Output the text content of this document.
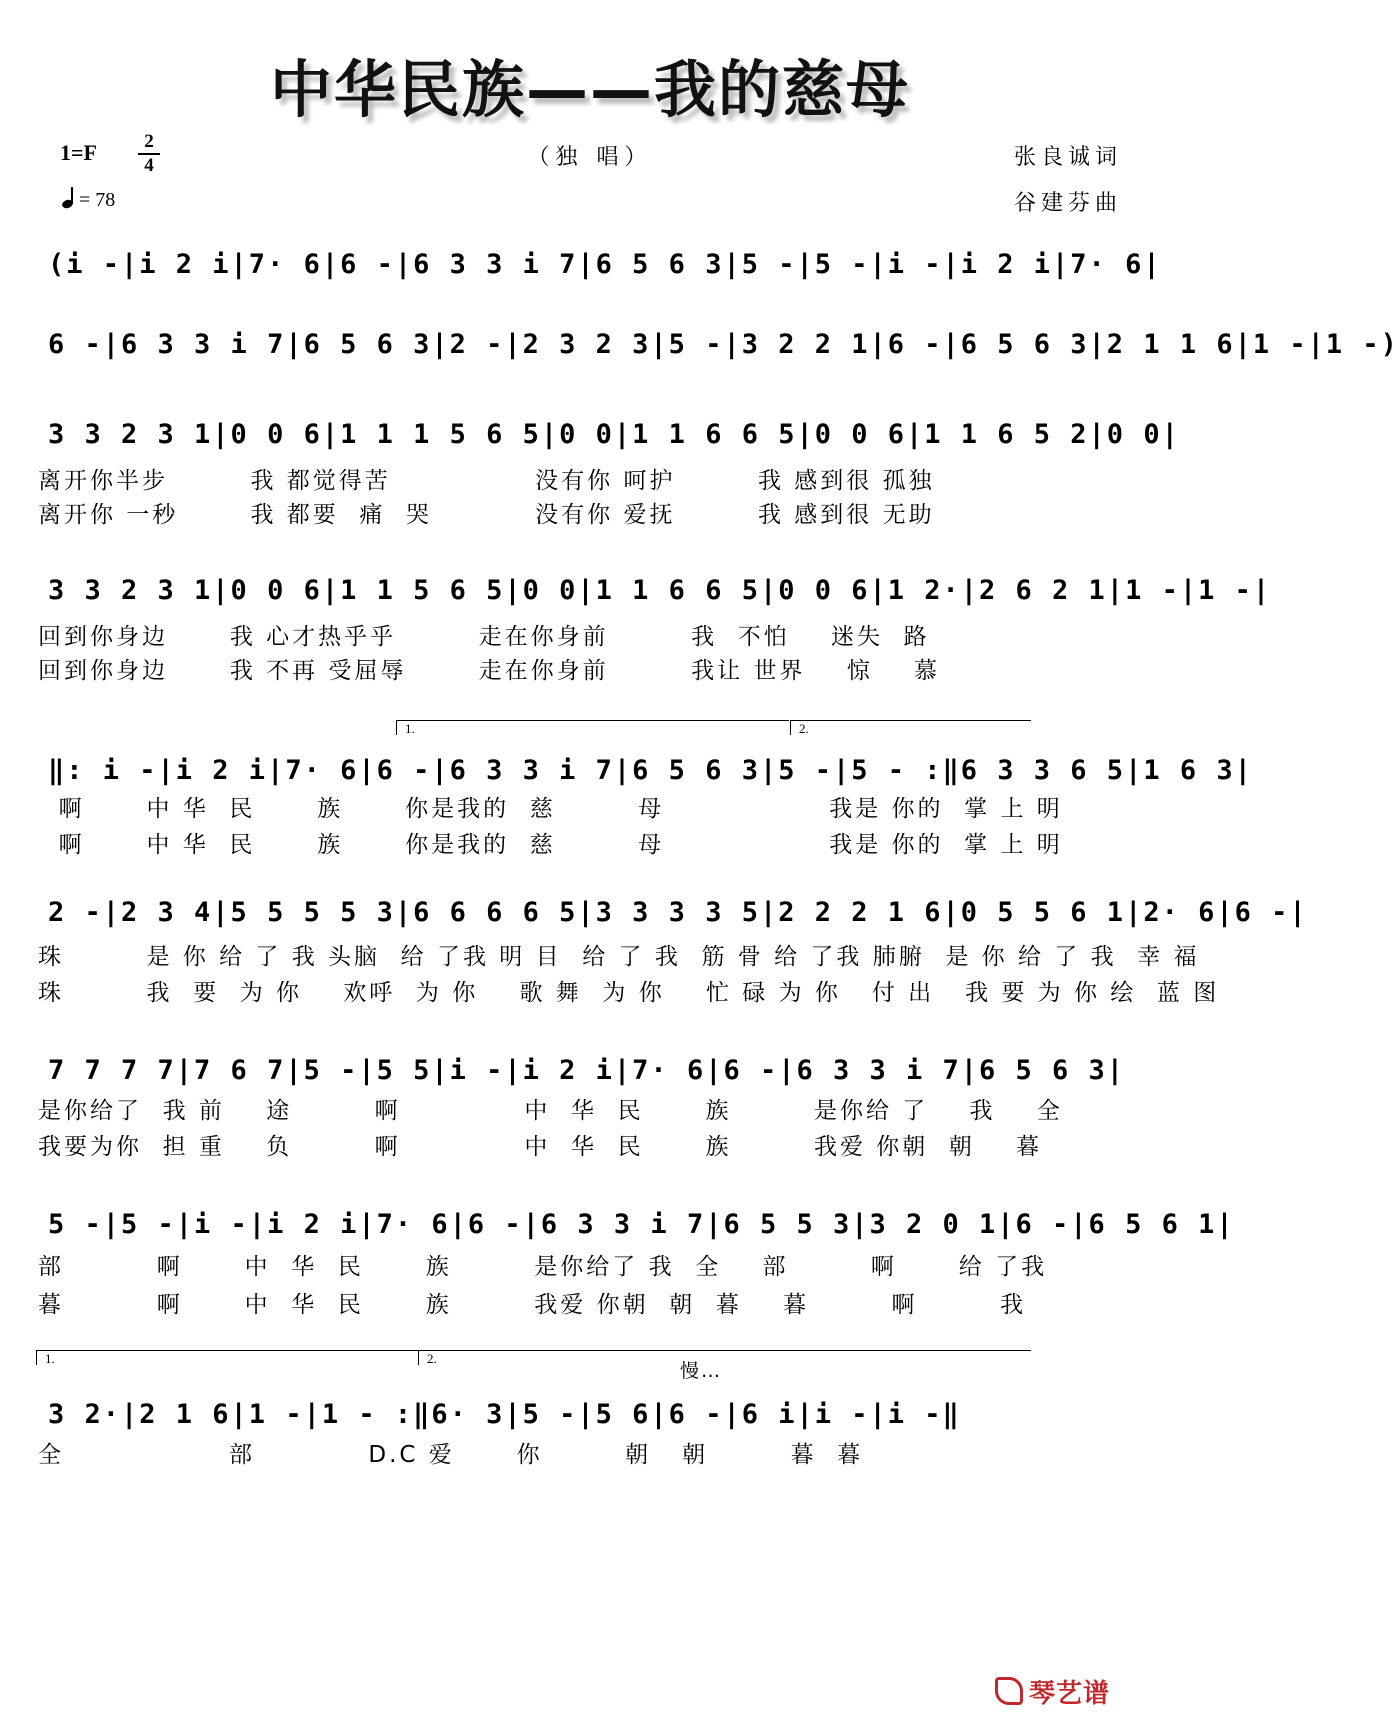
中华民族——我的慈母
1=F	2
4
= 78
（独 唱）	张良诚词
谷建芬曲
(i -|i 2 i|7· 6|6 -|6 3 3 i 7|6 5 6 3|5 -|5 -|i -|i 2 i|7· 6|
6 -|6 3 3 i 7|6 5 6 3|2 -|2 3 2 3|5 -|3 2 2 1|6 -|6 5 6 3|2 1 1 6|1 -|1 -)
3 3 2 3 1|0 0 6|1 1 1 5 6 5|0 0|1 1 6 6 5|0 0 6|1 1 6 5 2|0 0|
离开你半步        我 都觉得苦              没有你 呵护        我 感到很 孤独
离开你 一秒       我 都要  痛  哭          没有你 爱抚        我 感到很 无助
3 3 2 3 1|0 0 6|1 1 5 6 5|0 0|1 1 6 6 5|0 0 6|1 2·|2 6 2 1|1 -|1 -|
回到你身边      我 心才热乎乎        走在你身前        我  不怕    迷失  路
回到你身边      我 不再 受屈辱       走在你身前        我让 世界    惊    慕
1.	2.
‖: i -|i 2 i|7· 6|6 -|6 3 3 i 7|6 5 6 3|5 -|5 - :‖6 3 3 6 5|1 6 3|
啊      中 华  民      族      你是我的  慈        母                我是 你的  掌 上 明
啊      中 华  民      族      你是我的  慈        母                我是 你的  掌 上 明
2 -|2 3 4|5 5 5 5 3|6 6 6 6 5|3 3 3 3 5|2 2 2 1 6|0 5 5 6 1|2· 6|6 -|
珠        是 你 给 了 我 头脑  给 了我 明 目  给 了 我  筋 骨 给 了我 肺腑  是 你 给 了 我  幸 福
珠        我  要  为 你    欢呼  为 你    歌 舞  为 你    忙 碌 为 你   付 出   我 要 为 你 绘  蓝 图
7 7 7 7|7 6 7|5 -|5 5|i -|i 2 i|7· 6|6 -|6 3 3 i 7|6 5 6 3|
是你给了  我 前    途        啊            中  华  民      族        是你给 了    我    全
我要为你  担 重    负        啊            中  华  民      族        我爱 你朝  朝    暮
5 -|5 -|i -|i 2 i|7· 6|6 -|6 3 3 i 7|6 5 5 3|3 2 0 1|6 -|6 5 6 1|
部         啊      中  华  民      族        是你给了 我  全    部        啊      给 了我
暮         啊      中  华  民      族        我爱 你朝  朝  暮    暮        啊        我
1.	2.
慢…
3 2·|2 1 6|1 -|1 - :‖6· 3|5 -|5 6|6 -|6 i|i -|i -‖
全                部           D.C 爱      你        朝   朝        暮  暮
琴艺谱
